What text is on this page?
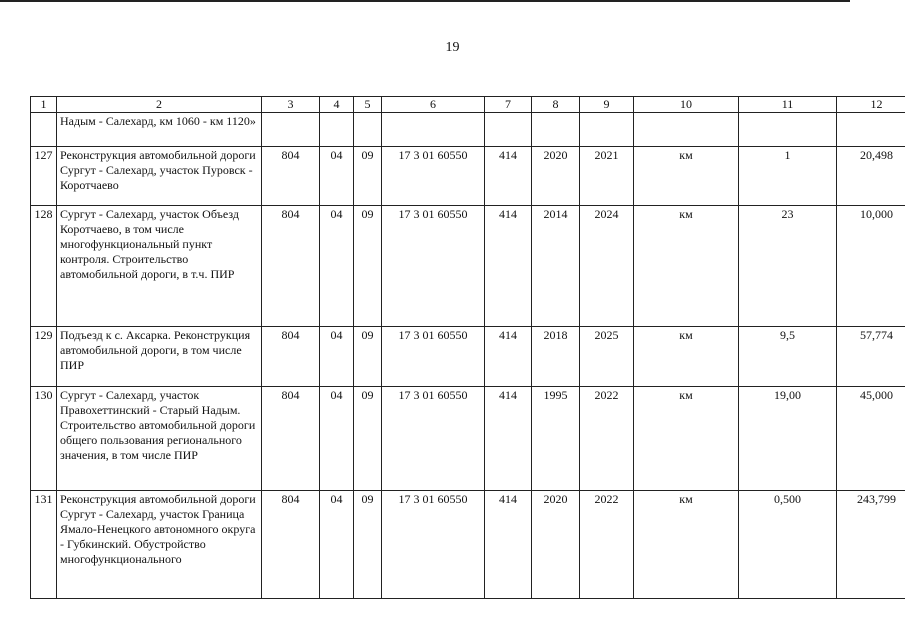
19
1	2	3	4	5	6	7	8	9	10	11	12
	Надым - Салехард, км 1060 - км 1120»										
127	Реконструкция автомобильной дороги Сургут - Салехард, участок Пуровск - Коротчаево	804	04	09	17 3 01 60550	414	2020	2021	км	1	20,498
128	Сургут - Салехард, участок Объезд Коротчаево, в том числе многофункциональный пункт контроля. Строительство автомобильной дороги, в т.ч. ПИР	804	04	09	17 3 01 60550	414	2014	2024	км	23	10,000
129	Подъезд к с. Аксарка. Реконструкция автомобильной дороги, в том числе ПИР	804	04	09	17 3 01 60550	414	2018	2025	км	9,5	57,774
130	Сургут - Салехард, участок Правохеттинский - Старый Надым. Строительство автомобильной дороги общего пользования регионального значения, в том числе ПИР	804	04	09	17 3 01 60550	414	1995	2022	км	19,00	45,000
131	Реконструкция автомобильной дороги Сургут - Салехард, участок Граница Ямало-Ненецкого автономного округа - Губкинский. Обустройство многофункционального	804	04	09	17 3 01 60550	414	2020	2022	км	0,500	243,799
